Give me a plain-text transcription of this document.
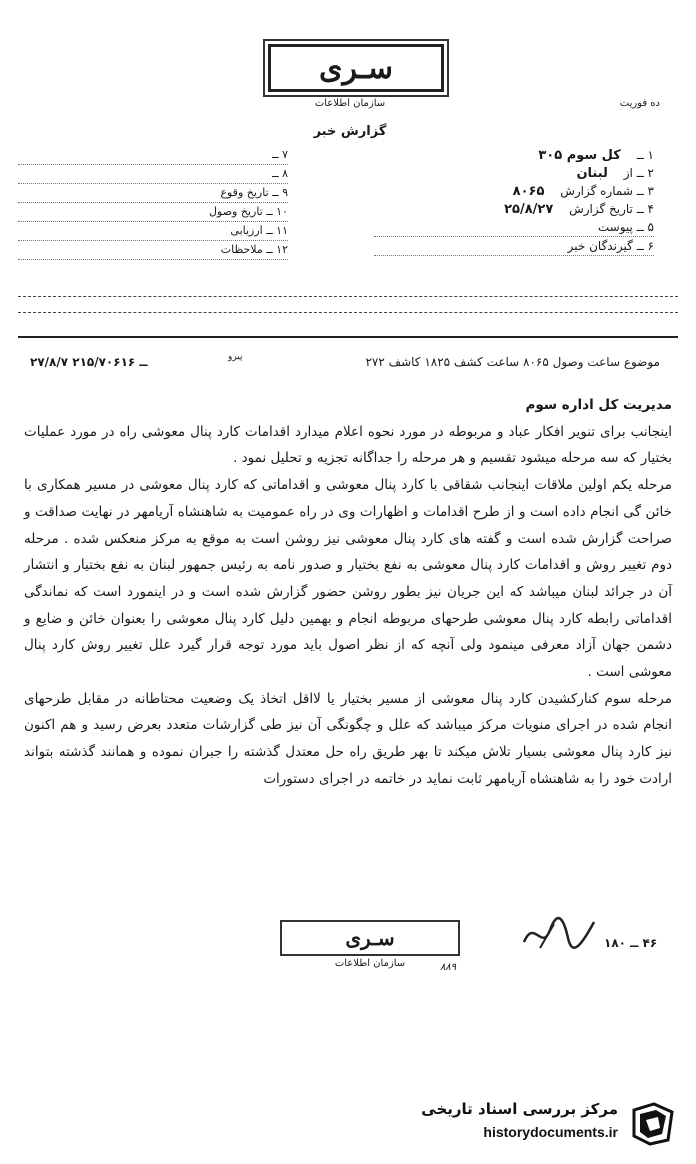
ده فوریت
سـری
سازمان اطلاعات
گزارش خبر
۱ ــ کل سوم ۳۰۵
۲ ــ از لبنان
۳ ــ شماره گزارش ۸۰۶۵
۴ ــ تاریخ گزارش ۲۵/۸/۲۷
۵ ــ پیوست
۶ ــ گیرندگان خبر
۷ ــ
۸ ــ
۹ ــ تاریخ وقوع
۱۰ ــ تاریخ وصول
۱۱ ــ ارزیابی
۱۲ ــ ملاحظات
پیرو	موضوع ساعت وصول ۸۰۶۵ ساعت کشف ۱۸۲۵ کاشف ۲۷۲
۲۷/۸/۷ ــ ۲۱۵/۷۰۶۱۶

مدیریت کل اداره سوم

اینجانب برای تنویر افکار عباد و مربوطه در مورد نحوه اعلام میدارد اقدامات کارد پنال معوشی راه در مورد عملیات بختیار که سه مرحله میشود تقسیم و هر مرحله را جداگانه تجزیه و تحلیل نمود .

مرحله یکم اولین ملاقات اینجانب شقاقی با کارد پنال معوشی و اقداماتی که کارد پنال معوشی در مسیر همکاری با خائن گی انجام داده است و از طرح اقدامات و اظهارات وی در راه عمومیت به شاهنشاه آریامهر در نهایت صداقت و صراحت گزارش شده است و گفته هاى کارد پنال معوشی نیز روشن است به موقع به مرکز منعکس شده . مرحله دوم تغییر روش و اقدامات کارد پنال معوشی به نفع بختیار و صدور نامه به رئیس جمهور لبنان به نفع بختیار و انتشار آن در جرائد لبنان میباشد که این جریان نیز بطور روشن حضور گزارش شده است و در اینمورد است که نماندگی اقداماتی رابطه کارد پنال معوشی طرحهای مربوطه انجام و بهمین دلیل کارد پنال معوشی را بعنوان خائن و ضایع و دشمن جهان آزاد معرفی مینمود ولی آنچه که از نظر اصول باید مورد توجه قرار گیرد علل تغییر روش کارد پنال معوشی است .

مرحله سوم کنارکشیدن کارد پنال معوشی از مسیر بختیار یا لااقل اتخاذ یک وضعیت محتاطانه در مقابل طرحهای انجام شده در اجرای منویات مرکز میباشد که علل و چگونگی آن نیز طی گزارشات متعدد بعرض رسید و هم اکنون نیز کارد پنال معوشی بسیار تلاش میکند تا بهر طریق راه حل معتدل گذشته را جبران نموده و همانند گذشته بتواند ارادت خود را به شاهنشاه آریامهر ثابت نماید در خاتمه در اجرای دستورات

سـری
سازمان اطلاعات
۴۶ ــ ۱۸۰
۸۸۹
مرکز بررسی اسناد تاریخی
historydocuments.ir
